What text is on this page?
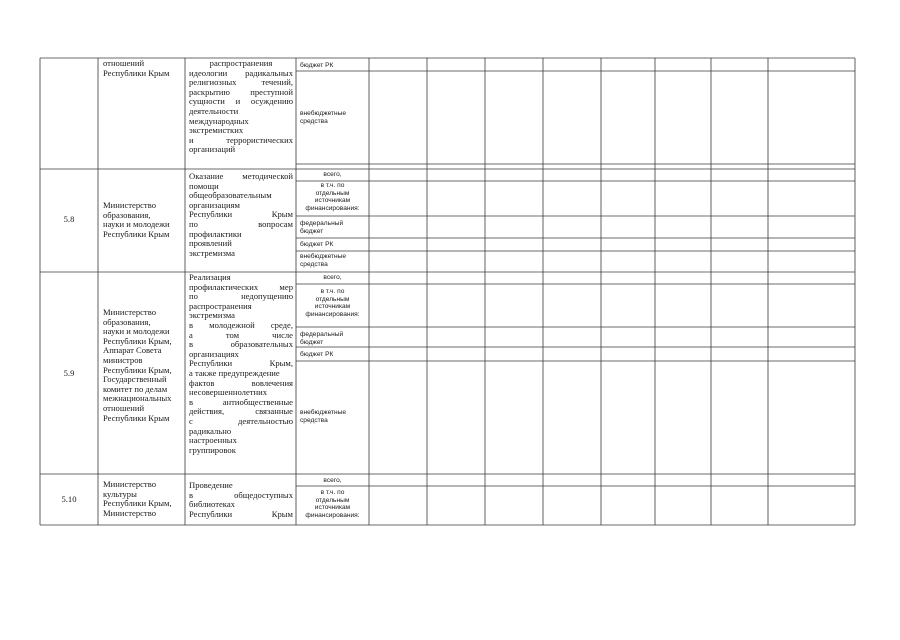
отношений
Республики Крым
распространения
идеологии радикальных
религиозных течений,
раскрытию преступной
сущности и осуждению
деятельности
международных
экстремистких
и террористических
организаций
бюджет РК
внебюджетные
средства
5.8
Министерство
образования,
науки и молодежи
Республики Крым
Оказание методической
помощи
общеобразовательным
организациям
Республики Крым
по вопросам
профилактики
проявлений
экстремизма
всего,
в т.ч. по
отдельным
источникам
финансирования:
федеральный
бюджет
бюджет РК
внебюджетные
средства
5.9
Министерство
образования,
науки и молодежи
Республики Крым,
Аппарат Совета
министров
Республики Крым,
Государственный
комитет по делам
межнациональных
отношений
Республики Крым
Реализация
профилактических мер
по недопущению
распространения
экстремизма
в молодежной среде,
а том числе
в образовательных
организациях
Республики Крым,
а также предупреждение
фактов вовлечения
несовершеннолетних
в антиобщественные
действия, связанные
с деятельностью
радикально
настроенных
группировок
всего,
в т.ч. по
отдельным
источникам
финансирования:
федеральный
бюджет
бюджет РК
внебюджетные
средства
5.10
Министерство
культуры
Республики Крым,
Министерство
Проведение
в общедоступных
библиотеках
Республики Крым
всего,
в т.ч. по
отдельным
источникам
финансирования:
